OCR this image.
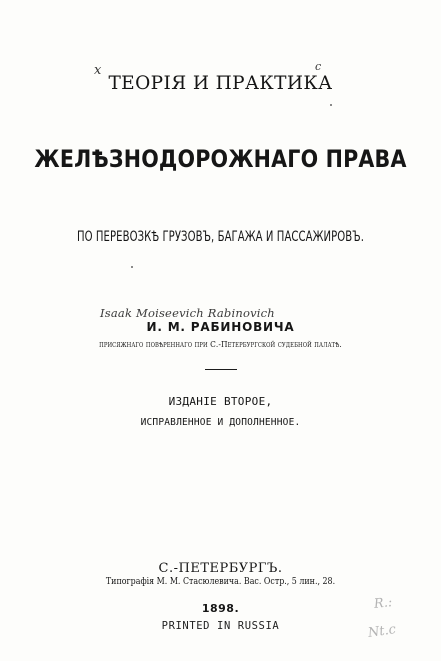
x	c
ТЕОРІЯ И ПРАКТИКА
ЖЕЛѢЗНОДОРОЖНАГО ПРАВА
ПО ПЕРЕВОЗКѢ ГРУЗОВЪ, БАГАЖА И ПАССАЖИРОВЪ.
Isaak Moiseevich Rabinovich
И. М. РАБИНОВИЧА
присяжнаго повѣреннаго при С.-Петербургской судебной палатѣ.
ИЗДАНІЕ ВТОРОЕ,
ИСПРАВЛЕННОЕ И ДОПОЛНЕННОЕ.
С.-ПЕТЕРБУРГЪ.
Типографія М. М. Стасюлевича. Вас. Остр., 5 лин., 28.
1898.
PRINTED IN RUSSIA
R.:
Nt.c
